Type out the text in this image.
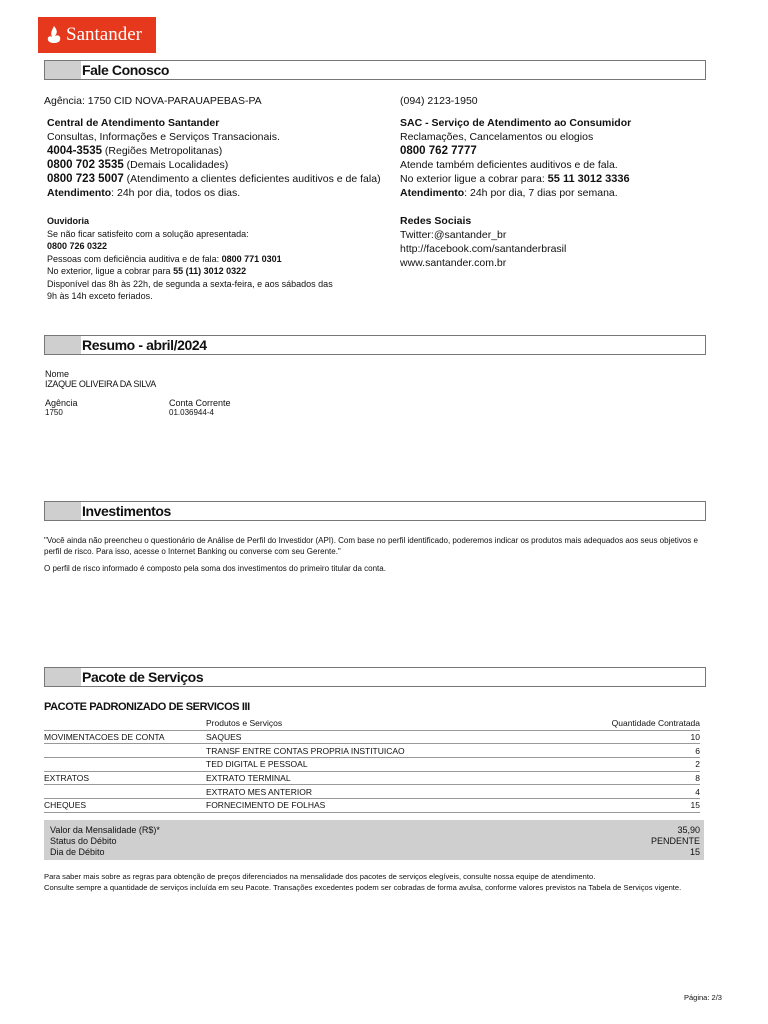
Santander
Fale Conosco
Agência: 1750 CID NOVA-PARAUAPEBAS-PA
Central de Atendimento Santander
Consultas, Informações e Serviços Transacionais.
4004-3535 (Regiões Metropolitanas)
0800 702 3535 (Demais Localidades)
0800 723 5007 (Atendimento a clientes deficientes auditivos e de fala)
Atendimento: 24h por dia, todos os dias.
Ouvidoria
Se não ficar satisfeito com a solução apresentada:
0800 726 0322
Pessoas com deficiência auditiva e de fala: 0800 771 0301
No exterior, ligue a cobrar para 55 (11) 3012 0322
Disponível das 8h às 22h, de segunda a sexta-feira, e aos sábados das
9h às 14h exceto feriados.
(094) 2123-1950
SAC - Serviço de Atendimento ao Consumidor
Reclamações, Cancelamentos ou elogios
0800 762 7777
Atende também deficientes auditivos e de fala.
No exterior ligue a cobrar para: 55 11 3012 3336
Atendimento: 24h por dia, 7 dias por semana.
Redes Sociais
Twitter:@santander_br
http://facebook.com/santanderbrasil
www.santander.com.br
Resumo - abril/2024
Nome
IZAQUE OLIVEIRA DA SILVA
Agência
1750
Conta Corrente
01.036944-4
Investimentos
"Você ainda não preencheu o questionário de Análise de Perfil do Investidor (API). Com base no perfil identificado, poderemos indicar os produtos mais adequados aos seus objetivos e perfil de risco. Para isso, acesse o Internet Banking ou converse com seu Gerente."
O perfil de risco informado é composto pela soma dos investimentos do primeiro titular da conta.
Pacote de Serviços
PACOTE PADRONIZADO DE SERVICOS III
	Produtos e Serviços	Quantidade Contratada
MOVIMENTACOES DE CONTA	SAQUES	10
	TRANSF ENTRE CONTAS PROPRIA INSTITUICAO	6
	TED DIGITAL E PESSOAL	2
EXTRATOS	EXTRATO TERMINAL	8
	EXTRATO MES ANTERIOR	4
CHEQUES	FORNECIMENTO DE FOLHAS	15
Valor da Mensalidade (R$)*	35,90
Status do Débito	PENDENTE
Dia de Débito	15
Para saber mais sobre as regras para obtenção de preços diferenciados na mensalidade dos pacotes de serviços elegíveis, consulte nossa equipe de atendimento.
Consulte sempre a quantidade de serviços incluída em seu Pacote. Transações excedentes podem ser cobradas de forma avulsa, conforme valores previstos na Tabela de Serviços vigente.
Página: 2/3
